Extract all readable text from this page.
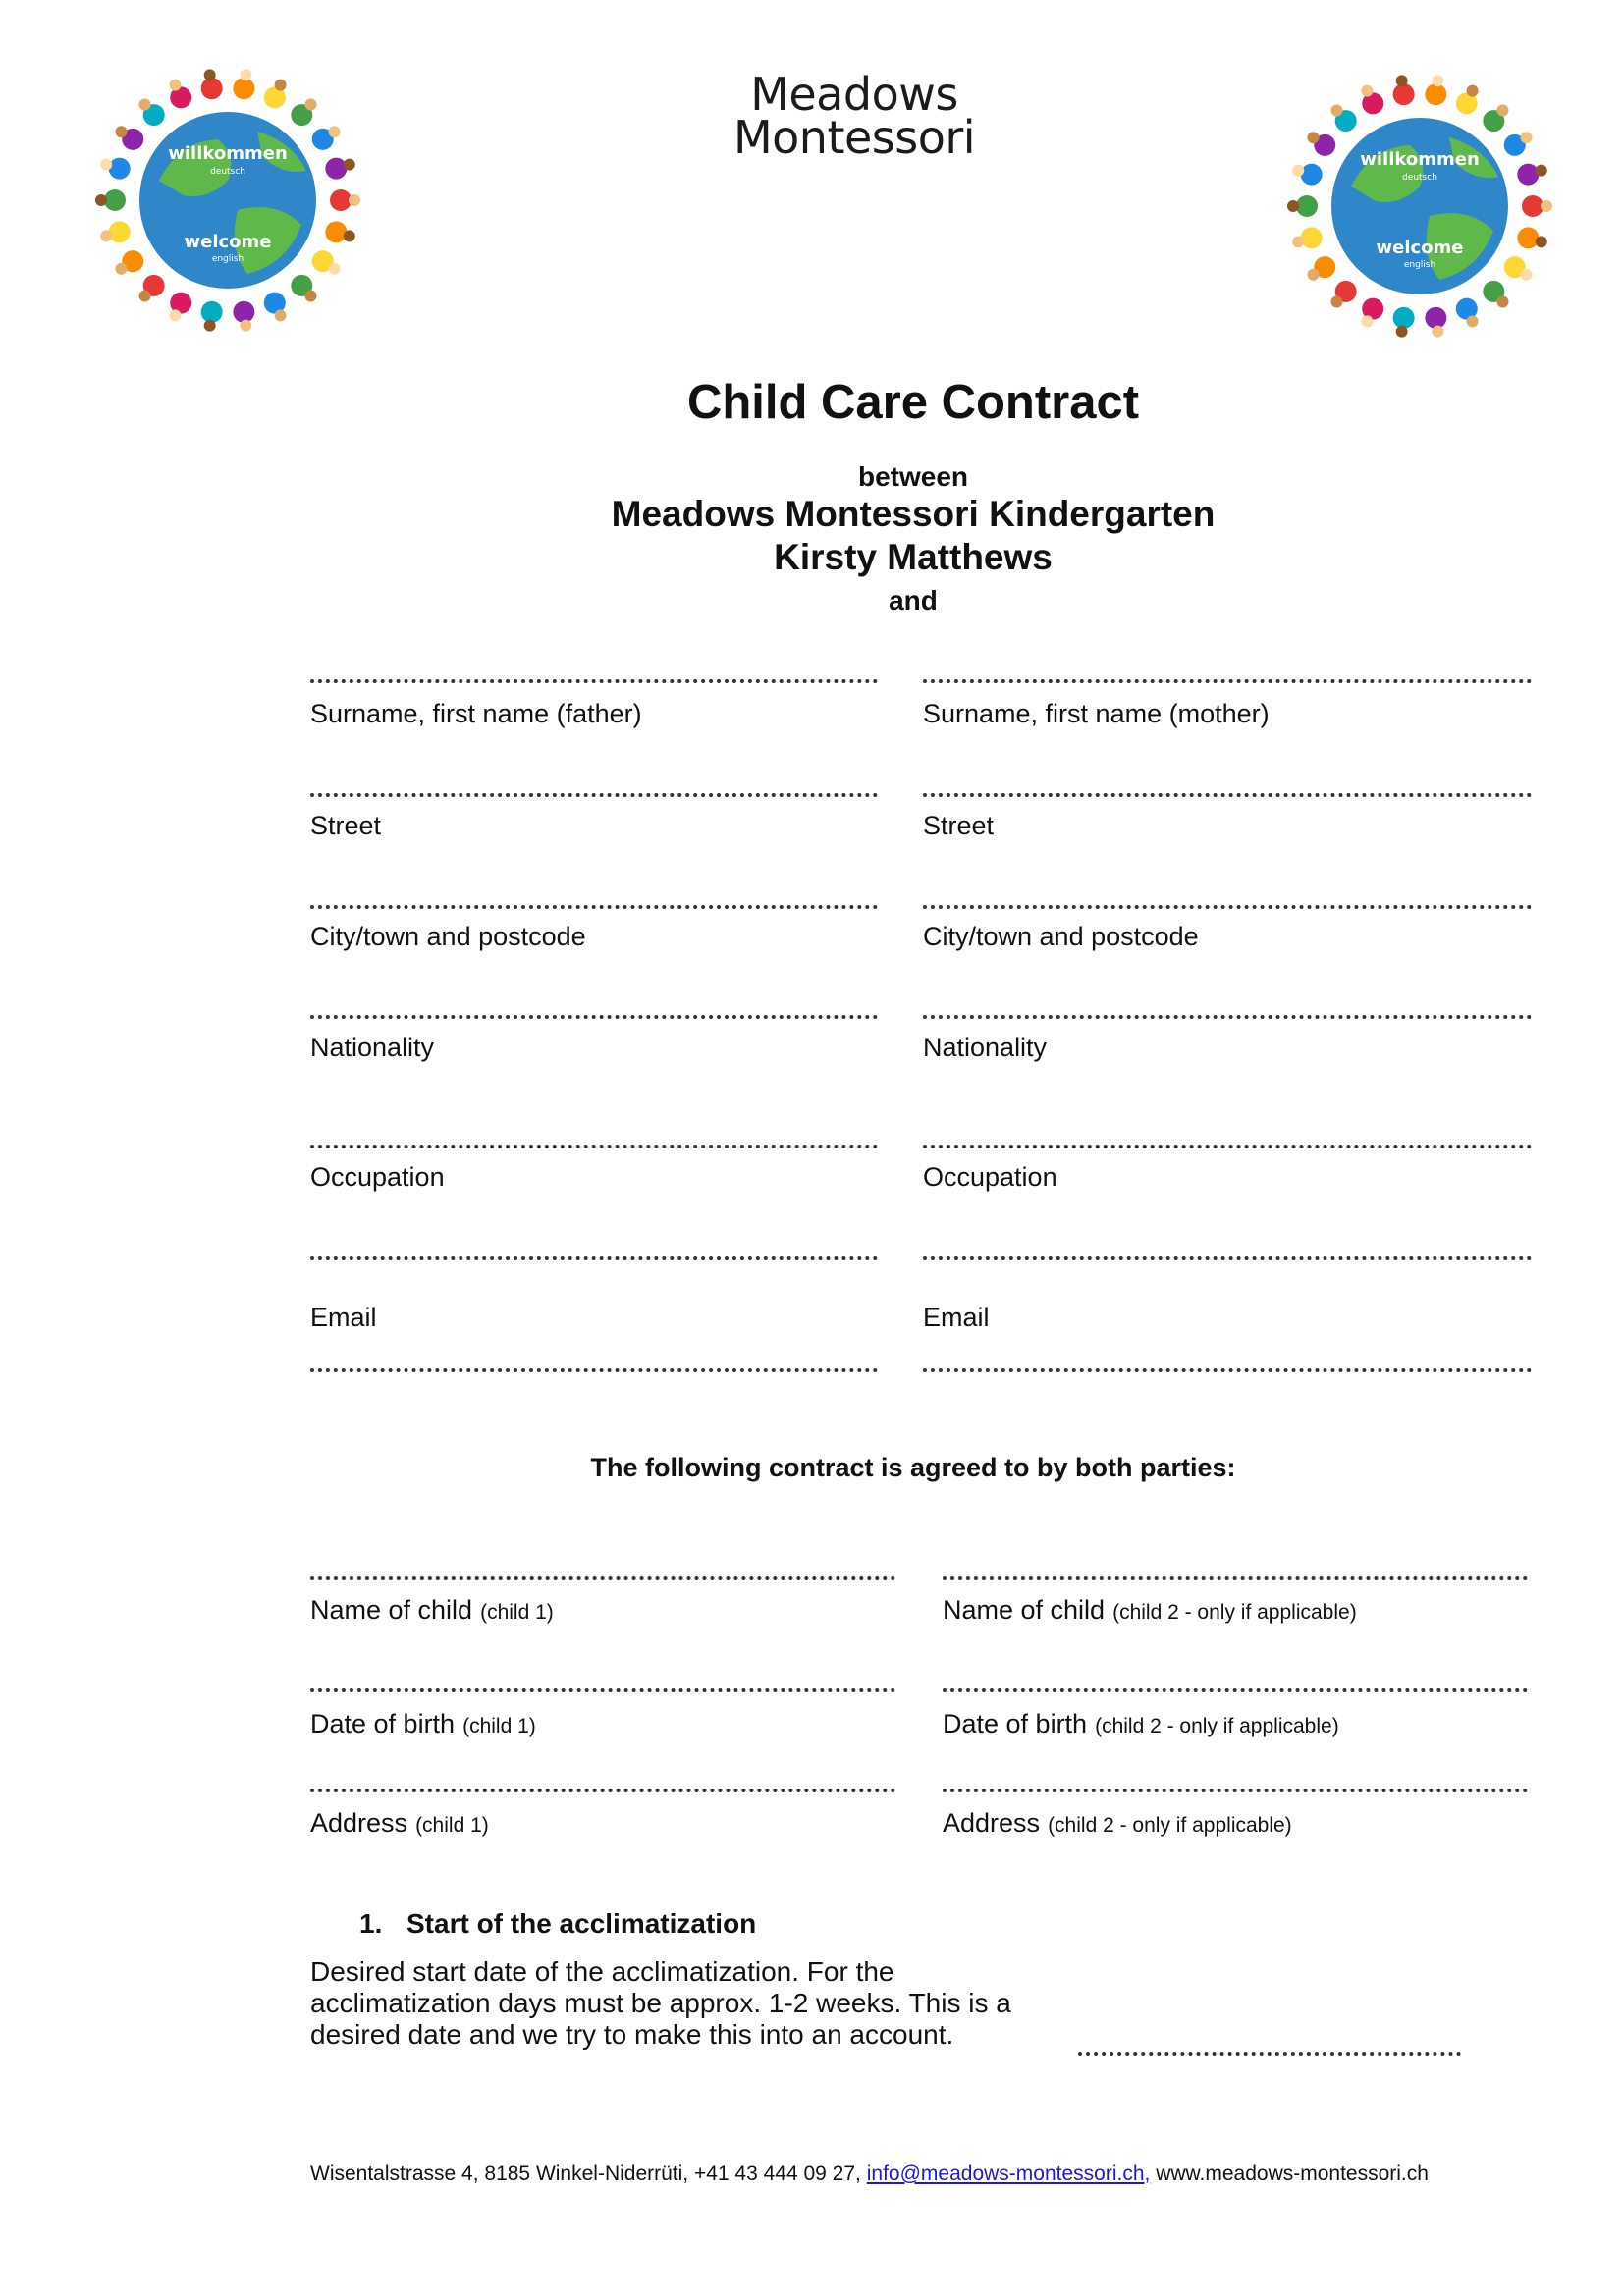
willkommen
deutsch
welcome
english
Meadows
Montessori	willkommen
deutsch
welcome
english
Child Care Contract
between
Meadows Montessori Kindergarten
Kirsty Matthews
and
Surname, first name (father)
Street
City/town and postcode
Nationality
Occupation
Email
Surname, first name (mother)
Street
City/town and postcode
Nationality
Occupation
Email
The following contract is agreed to by both parties:
Name of child (child 1)
Date of birth (child 1)
Address (child 1)
Name of child (child 2 - only if applicable)
Date of birth (child 2 - only if applicable)
Address (child 2 - only if applicable)
1. Start of the acclimatization
Desired start date of the acclimatization. For the acclimatization days must be approx. 1-2 weeks. This is a desired date and we try to make this into an account.
Wisentalstrasse 4, 8185 Winkel-Niderrüti, +41 43 444 09 27, info@meadows-montessori.ch, www.meadows-montessori.ch
